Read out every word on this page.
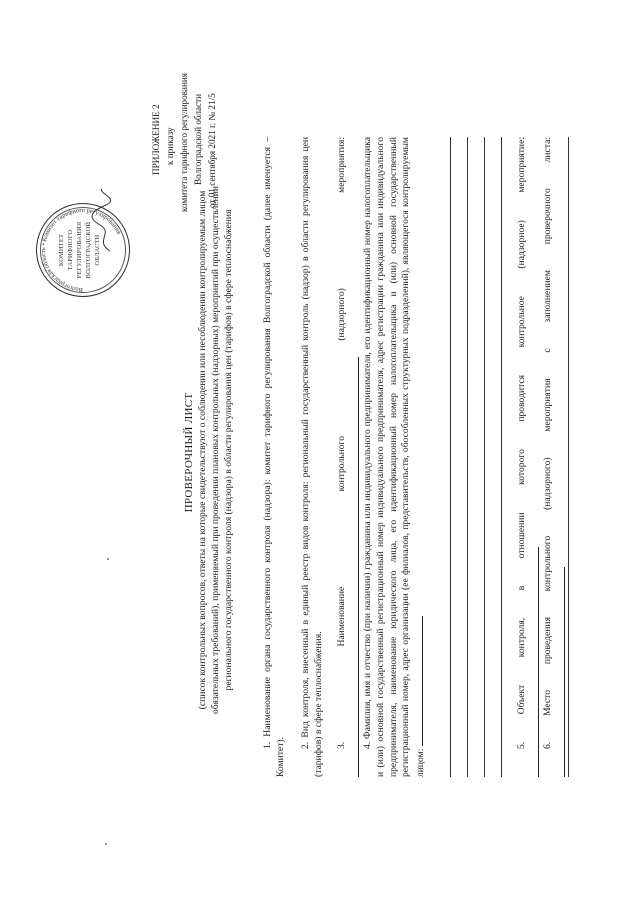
ПРИЛОЖЕНИЕ 2 к приказу комитета тарифного регулирования Волгоградской области от 01 сентября 2021 г. № 21/5
КОМИТЕТ ТАРИФНОГО РЕГУЛИРОВАНИЯ ВОЛГОГРАДСКОЙ ОБЛАСТИ
Волгоградская область • Комитет тарифного регулирования
ПРОВЕРОЧНЫЙ ЛИСТ (список контрольных вопросов, ответы на которые свидетельствуют о соблюдении или несоблюдении контролируемым лицом обязательных требований), применяемый при проведении плановых контрольных (надзорных) мероприятий при осуществлении регионального государственного контроля (надзора) в области регулирования цен (тарифов) в сфере теплоснабжения	1. Наименование органа государственного контроля (надзора): комитет тарифного регулирования Волгоградской области (далее именуется – Комитет).
2. Вид контроля, внесенный в единый реестр видов контроля: региональный государственный контроль (надзор) в области регулирования цен (тарифов) в сфере теплоснабжения. 3. Наименование контрольного (надзорного) мероприятия:	4. Фамилия, имя и отчество (при наличии) гражданина или индивидуального предпринимателя, его идентификационный номер налогоплательщика и (или) основной государственный регистрационный номер индивидуального предпринимателя, адрес регистрации гражданина или индивидуального предпринимателя, наименование юридического лица, его идентификационный номер налогоплательщика и (или) основной государственный регистрационный номер, адрес организации (ее филиалов, представительств, обособленных структурных подразделений), являющегося контролируемым лицом:
5. Объект контроля, в отношении которого проводится контрольное (надзорное) мероприятие:	6. Место проведения контрольного (надзорного) мероприятия с заполнением проверочного листа:
